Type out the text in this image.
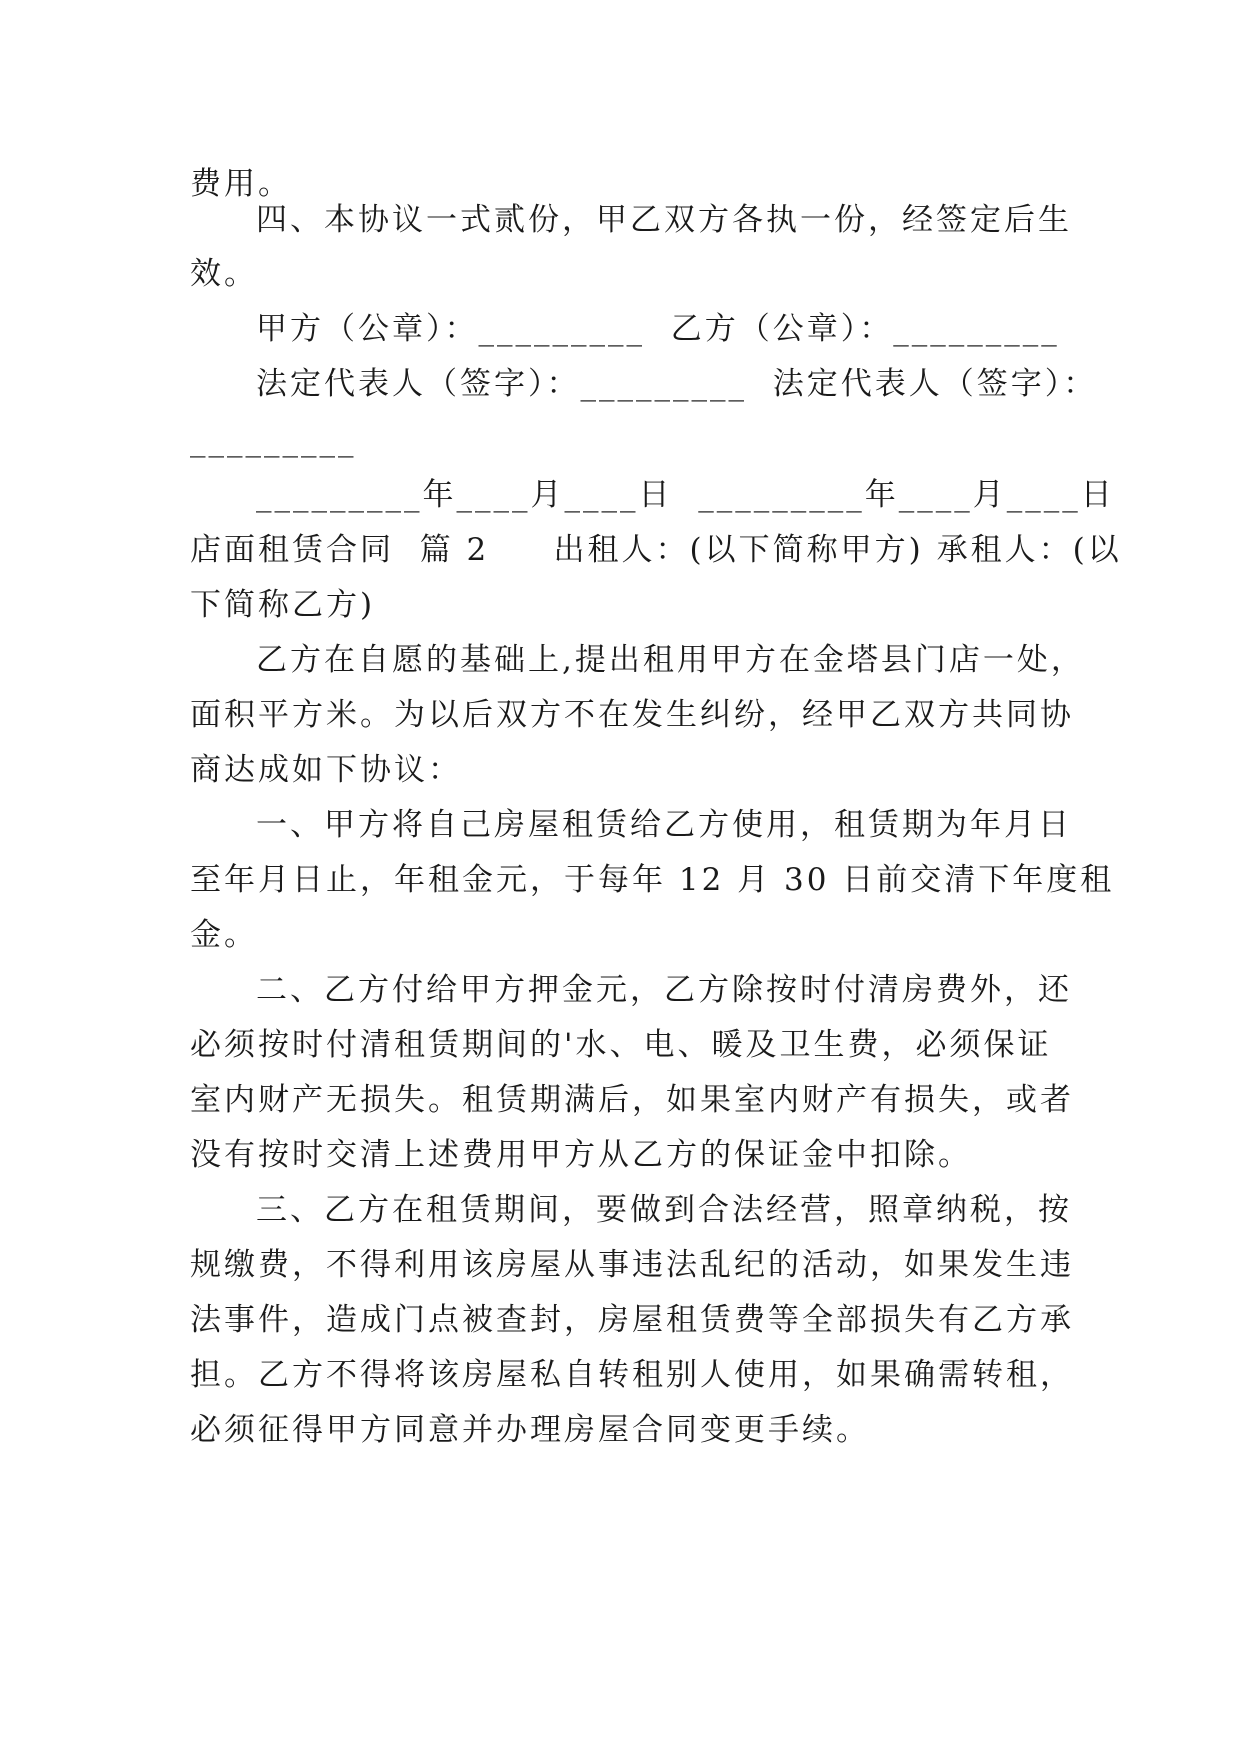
费用。
四、本协议一式贰份，甲乙双方各执一份，经签定后生
效。
甲方（公章）：_________  乙方（公章）：_________
法定代表人（签字）：_________  法定代表人（签字）：
_________
_________年____月____日  _________年____月____日
店面租赁合同  篇 2     出租人：(以下简称甲方) 承租人：(以
下简称乙方)
乙方在自愿的基础上,提出租用甲方在金塔县门店一处，
面积平方米。为以后双方不在发生纠纷，经甲乙双方共同协
商达成如下协议：
一、甲方将自己房屋租赁给乙方使用，租赁期为年月日
至年月日止，年租金元，于每年 12 月 30 日前交清下年度租
金。
二、乙方付给甲方押金元，乙方除按时付清房费外，还
必须按时付清租赁期间的'水、电、暖及卫生费，必须保证
室内财产无损失。租赁期满后，如果室内财产有损失，或者
没有按时交清上述费用甲方从乙方的保证金中扣除。
三、乙方在租赁期间，要做到合法经营，照章纳税，按
规缴费，不得利用该房屋从事违法乱纪的活动，如果发生违
法事件，造成门点被查封，房屋租赁费等全部损失有乙方承
担。乙方不得将该房屋私自转租别人使用，如果确需转租，
必须征得甲方同意并办理房屋合同变更手续。
